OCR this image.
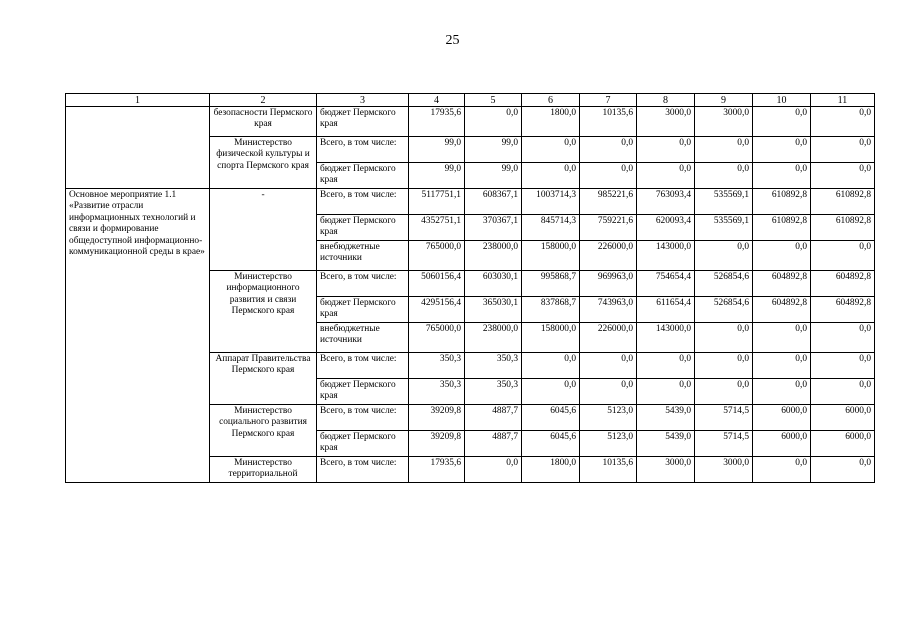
25
1	2	3	4	5	6	7	8	9	10	11
	безопасности Пермского края	бюджет Пермского края	17935,6	0,0	1800,0	10135,6	3000,0	3000,0	0,0	0,0
	Министерство физической культуры и спорта Пермского края	Всего, в том числе:	99,0	99,0	0,0	0,0	0,0	0,0	0,0	0,0
		бюджет Пермского края	99,0	99,0	0,0	0,0	0,0	0,0	0,0	0,0
Основное мероприятие 1.1 «Развитие отрасли информационных технологий и связи и формирование общедоступной информационно-коммуникационной среды в крае»	-	Всего, в том числе:	5117751,1	608367,1	1003714,3	985221,6	763093,4	535569,1	610892,8	610892,8
		бюджет Пермского края	4352751,1	370367,1	845714,3	759221,6	620093,4	535569,1	610892,8	610892,8
		внебюджетные источники	765000,0	238000,0	158000,0	226000,0	143000,0	0,0	0,0	0,0
	Министерство информационного развития и связи Пермского края	Всего, в том числе:	5060156,4	603030,1	995868,7	969963,0	754654,4	526854,6	604892,8	604892,8
		бюджет Пермского края	4295156,4	365030,1	837868,7	743963,0	611654,4	526854,6	604892,8	604892,8
		внебюджетные источники	765000,0	238000,0	158000,0	226000,0	143000,0	0,0	0,0	0,0
	Аппарат Правительства Пермского края	Всего, в том числе:	350,3	350,3	0,0	0,0	0,0	0,0	0,0	0,0
		бюджет Пермского края	350,3	350,3	0,0	0,0	0,0	0,0	0,0	0,0
	Министерство социального развития Пермского края	Всего, в том числе:	39209,8	4887,7	6045,6	5123,0	5439,0	5714,5	6000,0	6000,0
		бюджет Пермского края	39209,8	4887,7	6045,6	5123,0	5439,0	5714,5	6000,0	6000,0
	Министерство территориальной	Всего, в том числе:	17935,6	0,0	1800,0	10135,6	3000,0	3000,0	0,0	0,0
